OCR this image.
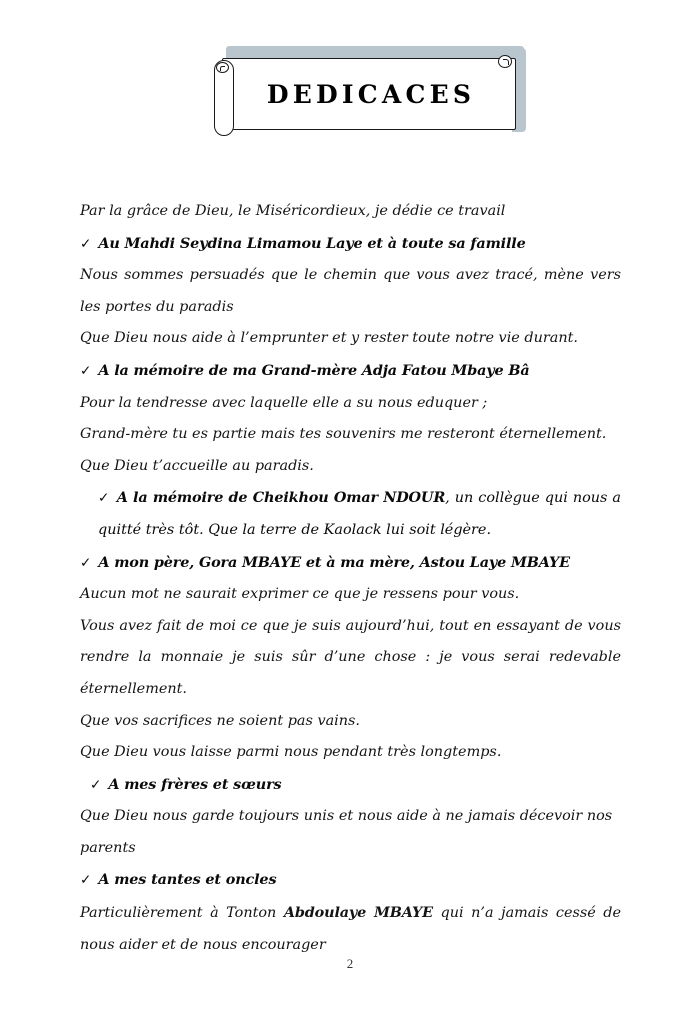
DEDICACES
Par la grâce de Dieu, le Miséricordieux, je dédie ce travail
✓ Au Mahdi Seydina Limamou Laye et à toute sa famille
Nous sommes persuadés que le chemin que vous avez tracé, mène vers les portes du paradis
Que Dieu nous aide à l’emprunter et y rester toute notre vie durant.
✓ A la mémoire de ma Grand-mère Adja Fatou Mbaye Bâ
Pour la tendresse avec laquelle elle a su nous eduquer ;
Grand-mère tu es partie mais tes souvenirs me resteront éternellement.
Que Dieu t’accueille au paradis.
✓ A la mémoire de Cheikhou Omar NDOUR, un collègue qui nous a quitté très tôt. Que la terre de Kaolack lui soit légère.
✓ A mon père, Gora MBAYE et à ma mère, Astou Laye MBAYE
Aucun mot ne saurait exprimer ce que je ressens pour vous.
Vous avez fait de moi ce que je suis aujourd’hui, tout en essayant de vous rendre la monnaie je suis sûr d’une chose : je vous serai redevable éternellement.
Que vos sacrifices ne soient pas vains.
Que Dieu vous laisse parmi nous pendant très longtemps.
✓ A mes frères et sœurs
Que Dieu nous garde toujours unis et nous aide à ne jamais décevoir nos parents
✓ A mes tantes et oncles
Particulièrement à Tonton Abdoulaye MBAYE qui n’a jamais cessé de nous aider et de nous encourager
2
